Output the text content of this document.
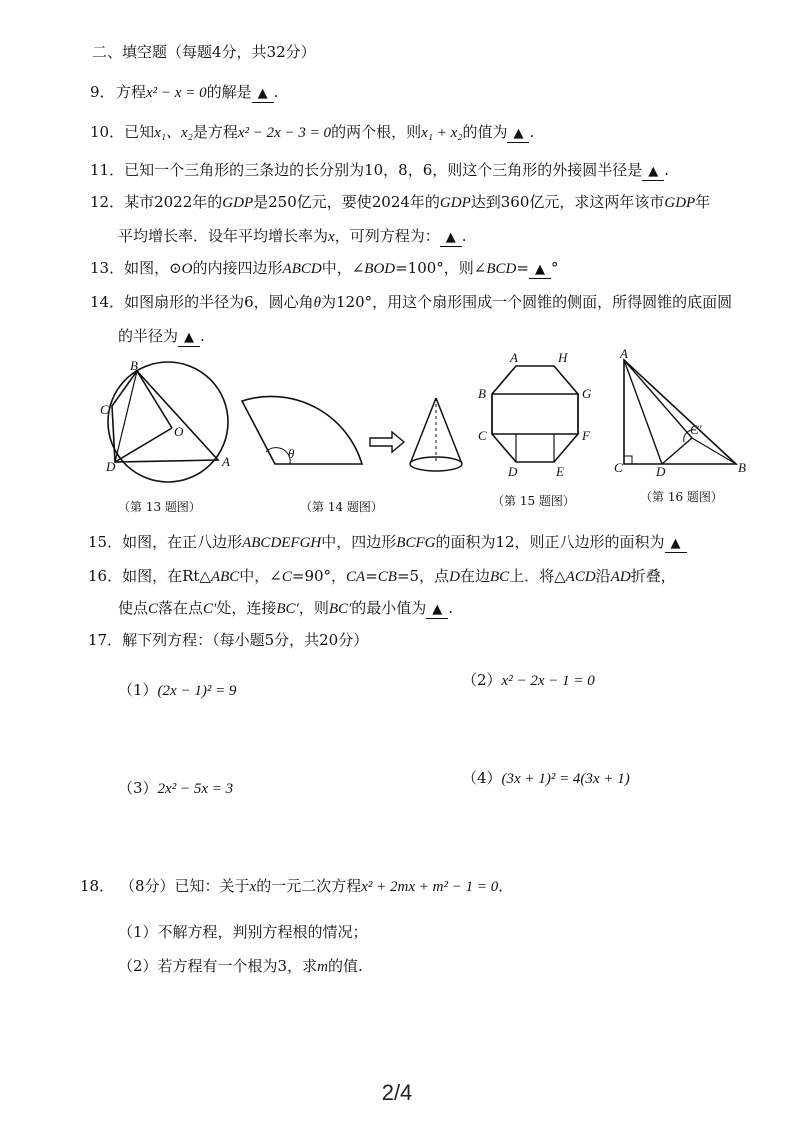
二、填空题（每题4分，共32分）
9．方程x² − x = 0的解是 ▲ .
10．已知x₁、x₂是方程x² − 2x − 3 = 0的两个根，则x₁ + x₂的值为 ▲ .
11．已知一个三角形的三条边的长分别为10，8，6，则这个三角形的外接圆半径是 ▲ .
12．某市2022年的GDP是250亿元，要使2024年的GDP达到360亿元，求这两年该市GDP年
平均增长率．设年平均增长率为x，可列方程为： ▲ .
13．如图，⊙O的内接四边形ABCD中，∠BOD=100°，则∠BCD= ▲ °
14．如图扇形的半径为6，圆心角θ为120°，用这个扇形围成一个圆锥的侧面，所得圆锥的底面圆
的半径为 ▲ .
B
C
O
D	A
θ
A	H
B	G
C	F
D	E
A
C′
C	D	B
（第 13 题图）	（第 14 题图）	（第 15 题图）	（第 16 题图）
15．如图，在正八边形ABCDEFGH中，四边形BCFG的面积为12，则正八边形的面积为 ▲
16．如图，在Rt△ABC中，∠C=90°，CA=CB=5，点D在边BC上．将△ACD沿AD折叠，
使点C落在点C′处，连接BC′，则BC′的最小值为 ▲ .
17．解下列方程：（每小题5分，共20分）
（1）(2x − 1)² = 9
（2）x² − 2x − 1 = 0
（3）2x² − 5x = 3
（4）(3x + 1)² = 4(3x + 1)
18． （8分）已知：关于x的一元二次方程x² + 2mx + m² − 1 = 0．
（1）不解方程，判别方程根的情况；
（2）若方程有一个根为3，求m的值.
2/4
